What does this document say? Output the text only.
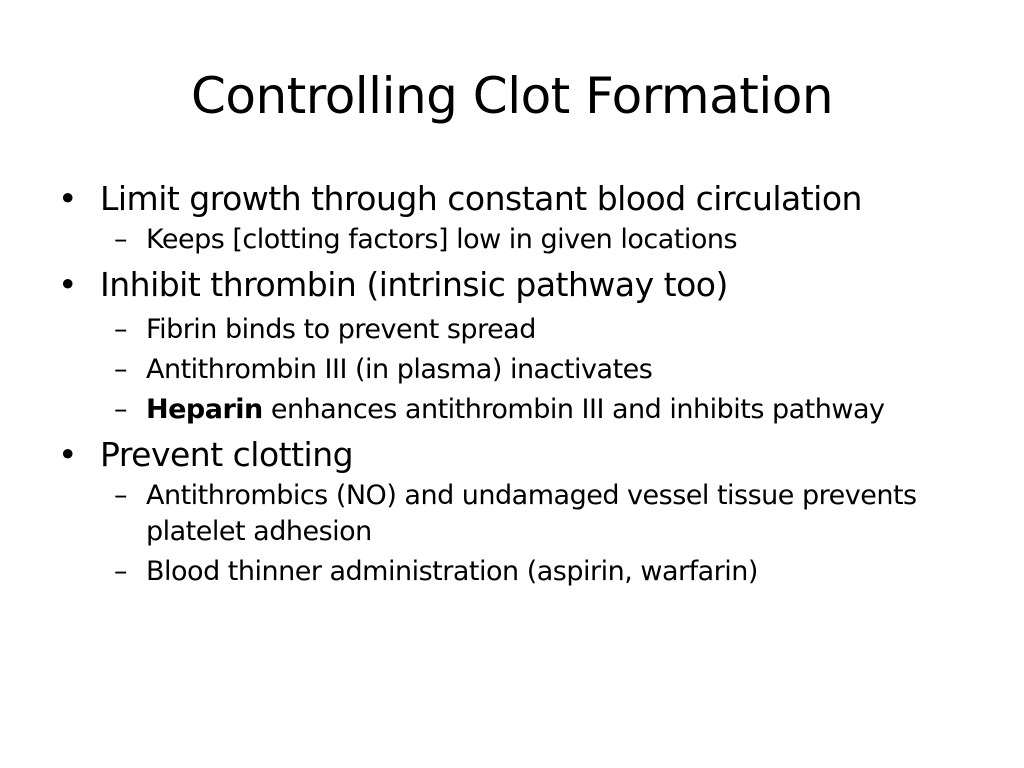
Controlling Clot Formation
• Limit growth through constant blood circulation
– Keeps [clotting factors] low in given locations
• Inhibit thrombin (intrinsic pathway too)
– Fibrin binds to prevent spread
– Antithrombin III (in plasma) inactivates
– Heparin enhances antithrombin III and inhibits pathway
• Prevent clotting
– Antithrombics (NO) and undamaged vessel tissue prevents platelet adhesion
– Blood thinner administration (aspirin, warfarin)
